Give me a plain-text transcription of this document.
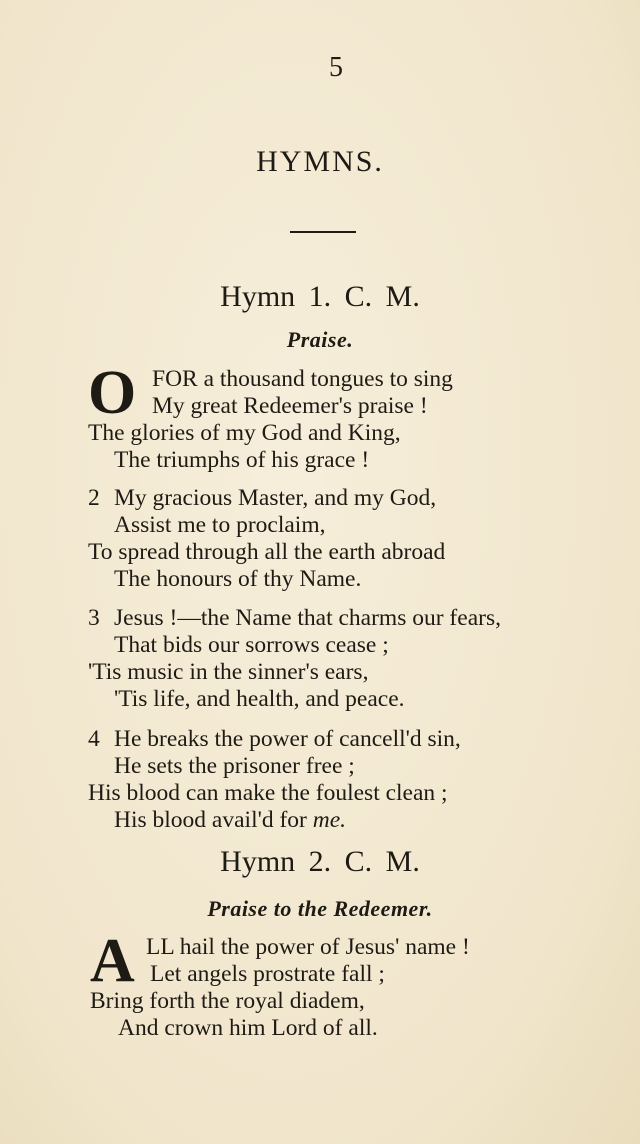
5
HYMNS.
Hymn 1. C. M.
Praise.
O FOR a thousand tongues to sing
My great Redeemer's praise !
The glories of my God and King,
The triumphs of his grace !
2 My gracious Master, and my God,
Assist me to proclaim,
To spread through all the earth abroad
The honours of thy Name.
3 Jesus !—the Name that charms our fears,
That bids our sorrows cease ;
'Tis music in the sinner's ears,
'Tis life, and health, and peace.
4 He breaks the power of cancell'd sin,
He sets the prisoner free ;
His blood can make the foulest clean ;
His blood avail'd for me.
Hymn 2. C. M.
Praise to the Redeemer.
A LL hail the power of Jesus' name !
Let angels prostrate fall ;
Bring forth the royal diadem,
And crown him Lord of all.
